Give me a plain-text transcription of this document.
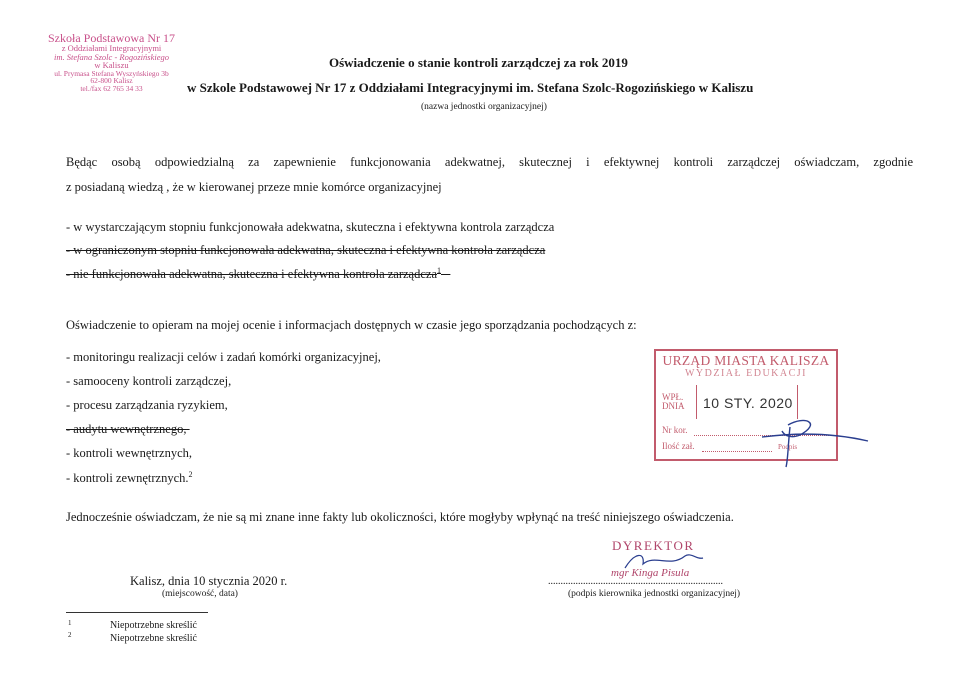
Szkoła Podstawowa Nr 17
z Oddziałami Integracyjnymi
im. Stefana Szolc - Rogozińskiego
w Kaliszu
ul. Prymasa Stefana Wyszyńskiego 3b
62-800 Kalisz
tel./fax 62 765 34 33
Oświadczenie o stanie kontroli zarządczej za rok 2019
w Szkole Podstawowej Nr 17 z Oddziałami Integracyjnymi im. Stefana Szolc-Rogozińskiego w Kaliszu
(nazwa jednostki organizacyjnej)
Będąc osobą odpowiedzialną za zapewnienie funkcjonowania adekwatnej, skutecznej i efektywnej kontroli zarządczej oświadczam, zgodnie
z posiadaną wiedzą , że w kierowanej przeze mnie komórce organizacyjnej
- w wystarczającym stopniu funkcjonowała adekwatna, skuteczna i efektywna kontrola zarządcza
- w ograniczonym stopniu funkcjonowała adekwatna, skuteczna i efektywna kontrola zarządcza
- nie funkcjonowała adekwatna, skuteczna i efektywna kontrola zarządcza$^1$
Oświadczenie to opieram na mojej ocenie i informacjach dostępnych w czasie jego sporządzania pochodzących z:
- monitoringu realizacji celów i zadań komórki organizacyjnej,
- samooceny kontroli zarządczej,
- procesu zarządzania ryzykiem,
- audytu wewnętrznego,
- kontroli wewnętrznych,
- kontroli zewnętrznych.$^2$
URZĄD MIASTA KALISZA
WYDZIAŁ EDUKACJI
WPŁ.
DNIA 10 STY. 2020
Nr kor.
Ilość zał.	Podpis
Jednocześnie oświadczam, że nie są mi znane inne fakty lub okoliczności, które mogłyby wpłynąć na treść niniejszego oświadczenia.
Kalisz, dnia 10 stycznia 2020 r.
(miejscowość, data)
DYREKTOR
mgr Kinga Pisula
......................................................................
(podpis kierownika jednostki organizacyjnej)
1	Niepotrzebne skreślić
2	Niepotrzebne skreślić
